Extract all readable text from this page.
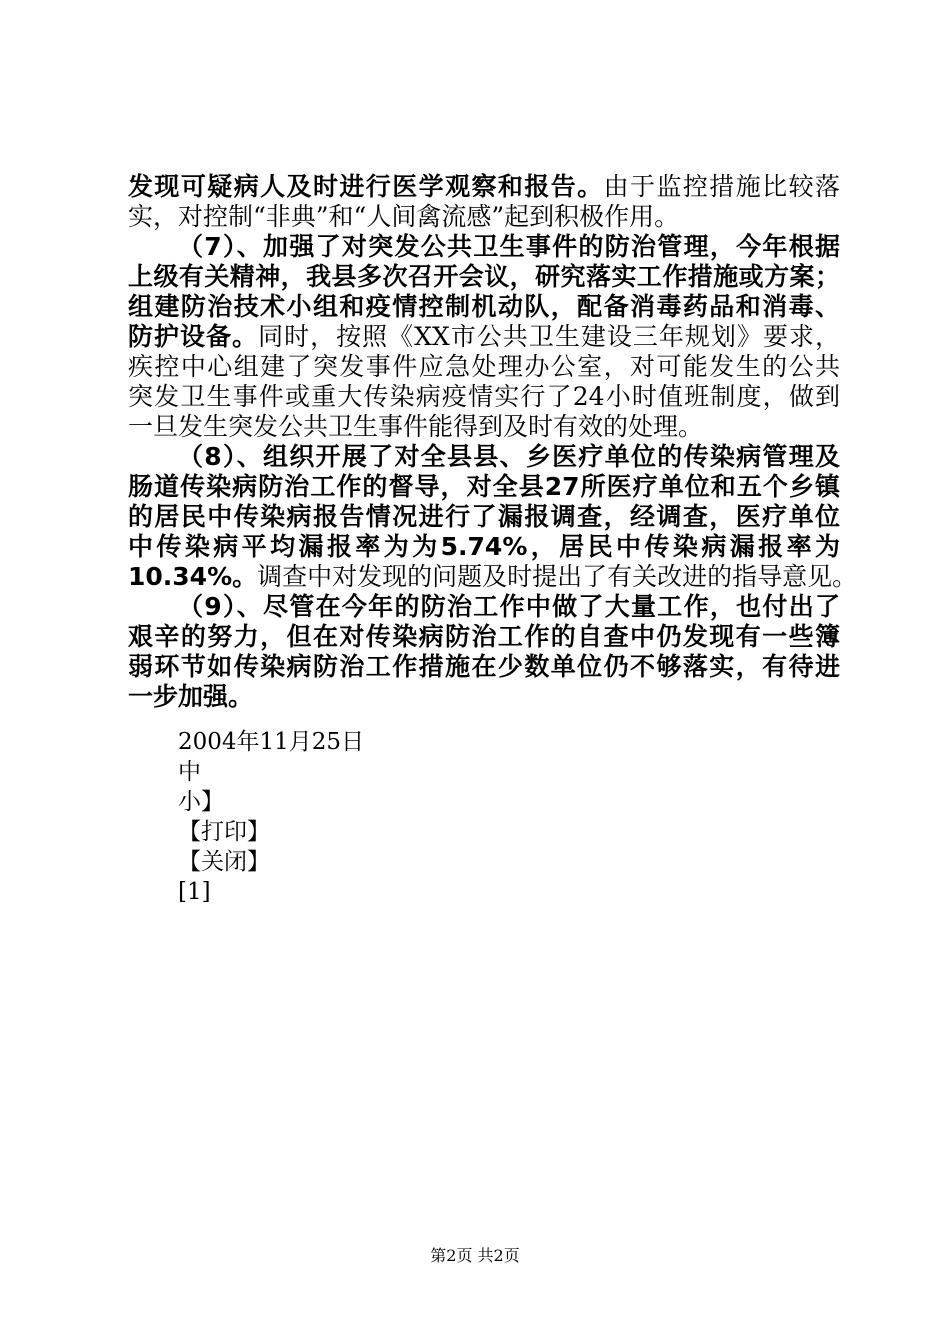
发现可疑病人及时进行医学观察和报告。由于监控措施比较落
实，对控制“非典”和“人间禽流感”起到积极作用。
（7）、加强了对突发公共卫生事件的防治管理，今年根据
上级有关精神，我县多次召开会议，研究落实工作措施或方案；
组建防治技术小组和疫情控制机动队，配备消毒药品和消毒、
防护设备。同时，按照《XX市公共卫生建设三年规划》要求，
疾控中心组建了突发事件应急处理办公室，对可能发生的公共
突发卫生事件或重大传染病疫情实行了24小时值班制度，做到
一旦发生突发公共卫生事件能得到及时有效的处理。
（8）、组织开展了对全县县、乡医疗单位的传染病管理及
肠道传染病防治工作的督导，对全县27所医疗单位和五个乡镇
的居民中传染病报告情况进行了漏报调查，经调查，医疗单位
中传染病平均漏报率为为5.74%，居民中传染病漏报率为
10.34%。调查中对发现的问题及时提出了有关改进的指导意见。
（9）、尽管在今年的防治工作中做了大量工作，也付出了
艰辛的努力，但在对传染病防治工作的自查中仍发现有一些簿
弱环节如传染病防治工作措施在少数单位仍不够落实，有待进
一步加强。
2004年11月25日
中
小】
【打印】
【关闭】
[1]
第2页 共2页
